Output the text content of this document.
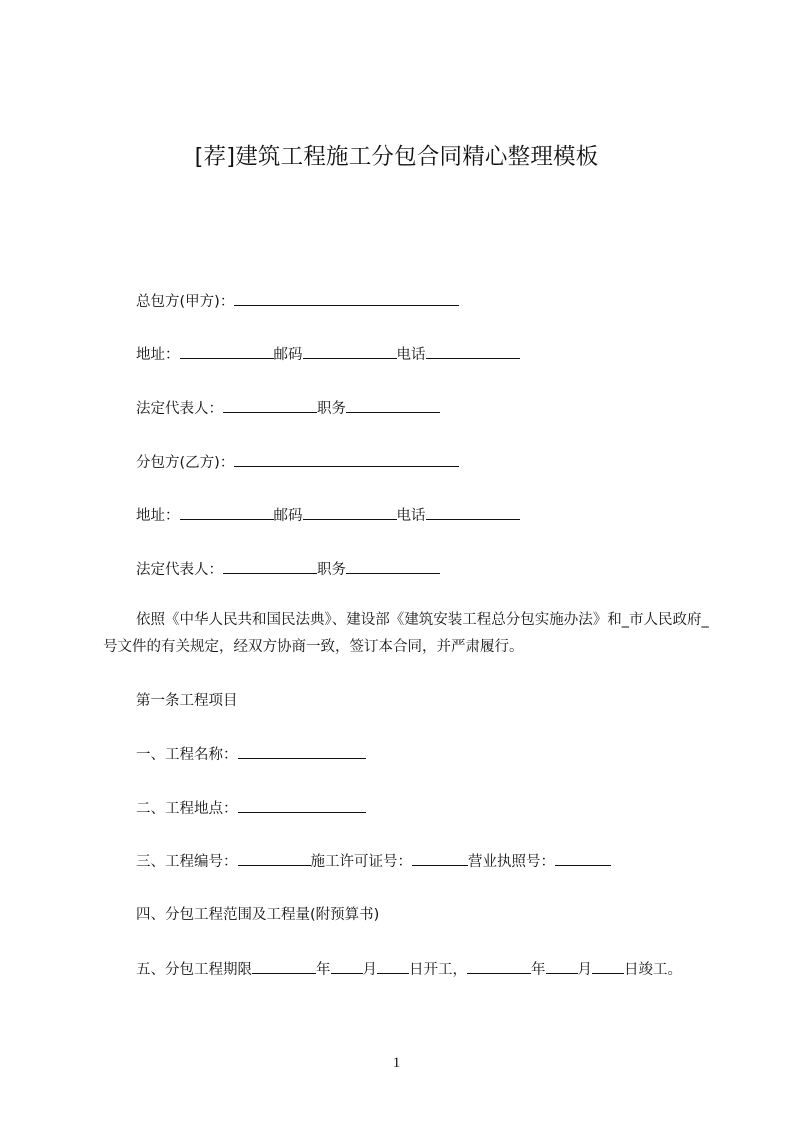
[荐]建筑工程施工分包合同精心整理模板
总包方(甲方)：
地址：	邮码	电话
法定代表人：	职务
分包方(乙方)：
地址：	邮码	电话
法定代表人：	职务
依照《中华人民共和国民法典》、建设部《建筑安装工程总分包实施办法》和_市人民政府_号文件的有关规定，经双方协商一致，签订本合同，并严肃履行。
第一条工程项目
一、工程名称：
二、工程地点：
三、工程编号：	施工许可证号：	营业执照号：
四、分包工程范围及工程量(附预算书)
五、分包工程期限	年 月 日开工，	年 月 日竣工。
1
